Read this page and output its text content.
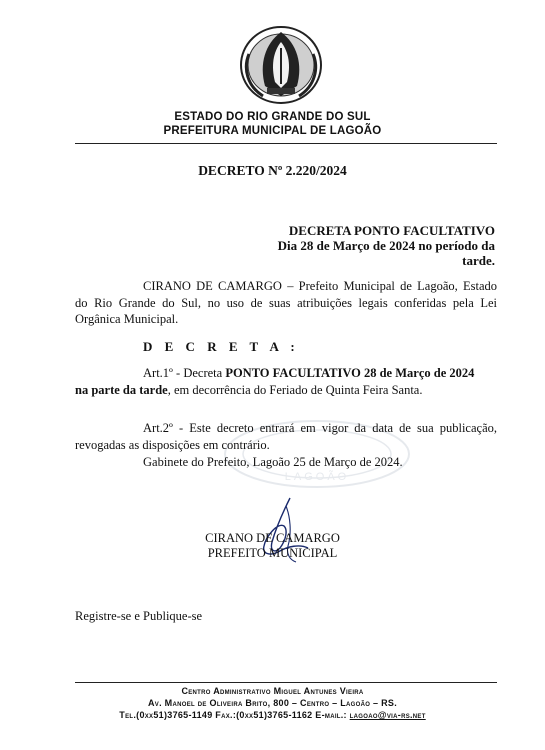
ESTADO DO RIO GRANDE DO SUL
PREFEITURA MUNICIPAL DE LAGOÃO
DECRETO Nº 2.220/2024
DECRETA PONTO FACULTATIVO
Dia 28 de Março de 2024 no período da
tarde.
CIRANO DE CAMARGO – Prefeito Municipal de Lagoão, Estado
do Rio Grande do Sul, no uso de suas atribuições legais conferidas pela Lei
Orgânica Municipal.
D E C R E T A :
Art.1º - Decreta PONTO FACULTATIVO 28 de Março de 2024
na parte da tarde, em decorrência do Feriado de Quinta Feira Santa.
LAGOÃO
Art.2º - Este decreto entrará em vigor da data de sua publicação,
revogadas as disposições em contrário.
Gabinete do Prefeito, Lagoão 25 de Março de 2024.
CIRANO DE CAMARGO
PREFEITO MUNICIPAL
Registre-se e Publique-se
Centro Administrativo Miguel Antunes Vieira
Av. Manoel de Oliveira Brito, 800 – Centro – Lagoão – RS.
Tel.(0xx51)3765-1149 Fax.:(0xx51)3765-1162 E-mail.: lagoao@via-rs.net
